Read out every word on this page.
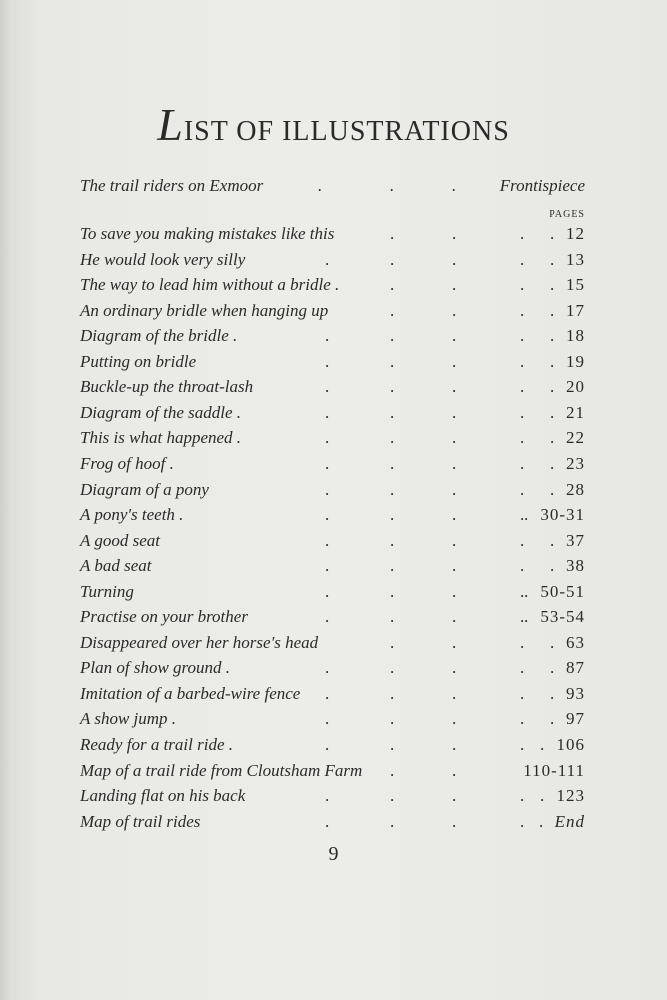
LIST OF ILLUSTRATIONS
The trail riders on Exmoor	.	.	.	Frontispiece
PAGES
To save you making mistakes like this	12
.	.	. .
He would look very silly	13
.	.	.	. .
The way to lead him without a bridle .	15
.	.	. .
An ordinary bridle when hanging up	17
.	.	. .
Diagram of the bridle .	18
.	.	.	. .
Putting on bridle	19
.	.	.	. .
Buckle-up the throat-lash	20
.	.	.	. .
Diagram of the saddle .	21
.	.	.	. .
This is what happened .	22
.	.	.	. .
Frog of hoof .	23
.	.	.	. .
Diagram of a pony	28
.	.	.	. .
A pony's teeth .	30-31
.	.	.	. .
A good seat	37
.	.	.	. .
A bad seat	38
.	.	.	. .
Turning	50-51
.	.	.	. .
Practise on your brother	53-54
.	.	.	. .
Disappeared over her horse's head	63
.	.	. .
Plan of show ground .	87
.	.	.	. .
Imitation of a barbed-wire fence	93
.	.	.	. .
A show jump .	97
.	.	.	. .
Ready for a trail ride .	106
.	.	.	. .
Map of a trail ride from Cloutsham Farm	110-111
.	.
Landing flat on his back	123
.	.	.	. .
Map of trail rides	End
.	.	.	. .
9
